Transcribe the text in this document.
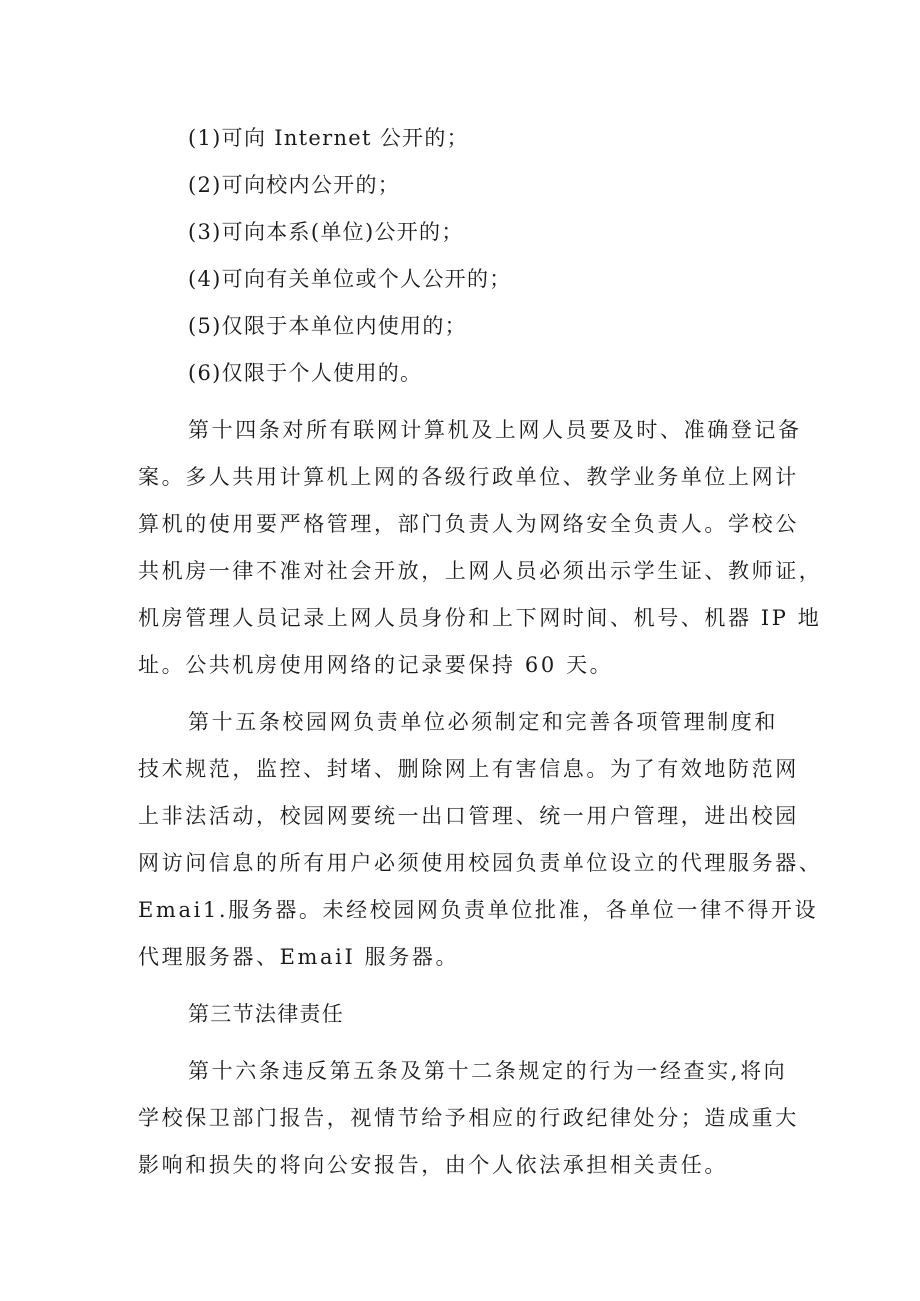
(1)可向 Internet 公开的；
(2)可向校内公开的；
(3)可向本系(单位)公开的；
(4)可向有关单位或个人公开的；
(5)仅限于本单位内使用的；
(6)仅限于个人使用的。
第十四条对所有联网计算机及上网人员要及时、准确登记备
案。多人共用计算机上网的各级行政单位、教学业务单位上网计
算机的使用要严格管理，部门负责人为网络安全负责人。学校公
共机房一律不准对社会开放，上网人员必须出示学生证、教师证，
机房管理人员记录上网人员身份和上下网时间、机号、机器 IP 地
址。公共机房使用网络的记录要保持 60 天。
第十五条校园网负责单位必须制定和完善各项管理制度和
技术规范，监控、封堵、删除网上有害信息。为了有效地防范网
上非法活动，校园网要统一出口管理、统一用户管理，进出校园
网访问信息的所有用户必须使用校园负责单位设立的代理服务器、
Emai1.服务器。未经校园网负责单位批准，各单位一律不得开设
代理服务器、EmaiI 服务器。
第三节法律责任
第十六条违反第五条及第十二条规定的行为一经查实,将向
学校保卫部门报告，视情节给予相应的行政纪律处分；造成重大
影响和损失的将向公安报告，由个人依法承担相关责任。
